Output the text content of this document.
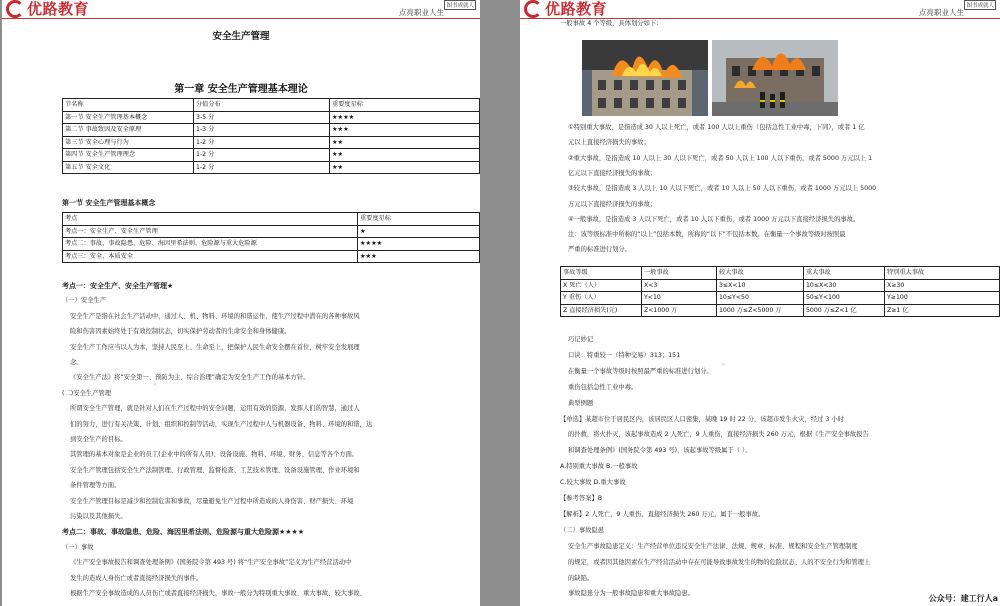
优路教育	点亮职业人生
图书成就人
安全生产管理
第一章 安全生产管理基本理论
节名称	分值分布	重要度星标
第一节 安全生产管理基本概念	3-5 分	★★★★
第二节 事故致因及安全原理	1-3 分	★★★
第三节 安全心理与行为	1-2 分	★★
第四节 安全生产管理理念	1-2 分	★★
第五节 安全文化	1-2 分	★★
第一节 安全生产管理基本概念
考点	重要度星标
考点一：安全生产、安全生产管理	★
考点二：事故、事故隐患、危险、海因里希法则、危险源与重大危险源	★★★★
考点三：安全、本质安全	★★★
考点一：安全生产、安全生产管理★
（一）安全生产
安全生产是指在社会生产活动中，通过人、机、物料、环境的和谐运作，使生产过程中潜在的各种事故风
险和伤害因素始终处于有效控制状态，切实保护劳动者的生命安全和身体健康。
安全生产工作应当以人为本，坚持人民至上、生命至上，把保护人民生命安全摆在首位，树牢安全发展理
念。
《安全生产法》将“安全第一、预防为主、综合治理”确定为安全生产工作的基本方针。
(二)安全生产管理
所谓安全生产管理，就是针对人们在生产过程中的安全问题，运用有效的资源，发挥人们的智慧，通过人
们的努力，进行有关决策、计划、组织和控制等活动，实现生产过程中人与机器设备、物料、环境的和谐，达
到安全生产的目标。
其管理的基本对象是企业的员工(企业中的所有人员)、设备设施、物料、环境、财务、信息等各个方面。
安全生产管理包括安全生产法制管理、行政管理、监督检查、工艺技术管理、设备设施管理、作业环境和
条件管理等方面。
安全生产管理目标是减少和控制危害和事故，尽量避免生产过程中所造成的人身伤害、财产损失、环境
污染以及其他损失。
考点二：事故、事故隐患、危险、海因里希法则、危险源与重大危险源★★★★
（一）事故
《生产安全事故报告和调查处理条例》(国务院令第 493 号) 将“生产安全事故”定义为生产经营活动中
发生的造成人身伤亡或者直接经济损失的事件。
根据生产安全事故造成的人员伤亡或者直接经济损失，事故一般分为特别重大事故、重大事故、较大事故、
✦
优路教育	点亮职业人生
图书成就人
一般事故 4 个等级，具体划分如下：
①特别重大事故，是指造成 30 人以上死亡，或者 100 人以上重伤（包括急性工业中毒，下同），或者 1 亿
元以上直接经济损失的事故；
②重大事故，是指造成 10 人以上 30 人以下死亡，或者 50 人以上 100 人以下重伤，或者 5000 万元以上 1
亿元以下直接经济损失的事故；
③较大事故，是指造成 3 人以上 10 人以下死亡，或者 10 人以上 50 人以下重伤，或者 1000 万元以上 5000
万元以下直接经济损失的事故；
④一般事故，是指造成 3 人以下死亡，或者 10 人以下重伤，或者 1000 万元以下直接经济损失的事故。
注：该等级标准中所称的“以上”包括本数，所称的“以下”不包括本数。在衡量一个事故等级时按照最
严重的标准进行划分。
事故等级	一般事故	较大事故	重大事故	特别重大事故
X 死亡（人）	X<3	3≤X<10	10≤X<30	X≥30
Y 重伤（人）	Y<10	10≤Y<50	50≤Y<100	Y≥100
Z 直接经济损失(元)	Z<1000 万	1000 万≤Z<5000 万	5000 万≤Z<1 亿	Z≥1 亿
巧记妙记
口诀：特重较一（特种交易）313；151
在衡量一个事故等级时按照最严重的标准进行划分。
重伤包括急性工业中毒。
典型例题
【单选】某超市位于居民区内，该居民区人口密集，某晚 19 时 22 分，该超市发生火灾，经过 3 小时
的扑救，将火扑灭，该起事故造成 2 人死亡，9 人重伤，直接经济损失 260 万元，根据《生产安全事故报告
和调查处理条例》(国务院令第 493 号)，该起事故等级属于（ ）。
A.特别重大事故 B.一般事故
C.较大事故 D.重大事故
【参考答案】B
【解析】2 人死亡，9 人重伤，直接经济损失 260 万元，属于一般事故。
（二）事故隐患
安全生产事故隐患定义：生产经营单位违反安全生产法律、法规、规章、标准、规程和安全生产管理制度
的规定，或者因其他因素在生产经营活动中存在可能导致事故发生的物的危险状态、人的不安全行为和管理上
的缺陷。
事故隐患分为一般事故隐患和重大事故隐患。
✦
公众号：建工行人a
